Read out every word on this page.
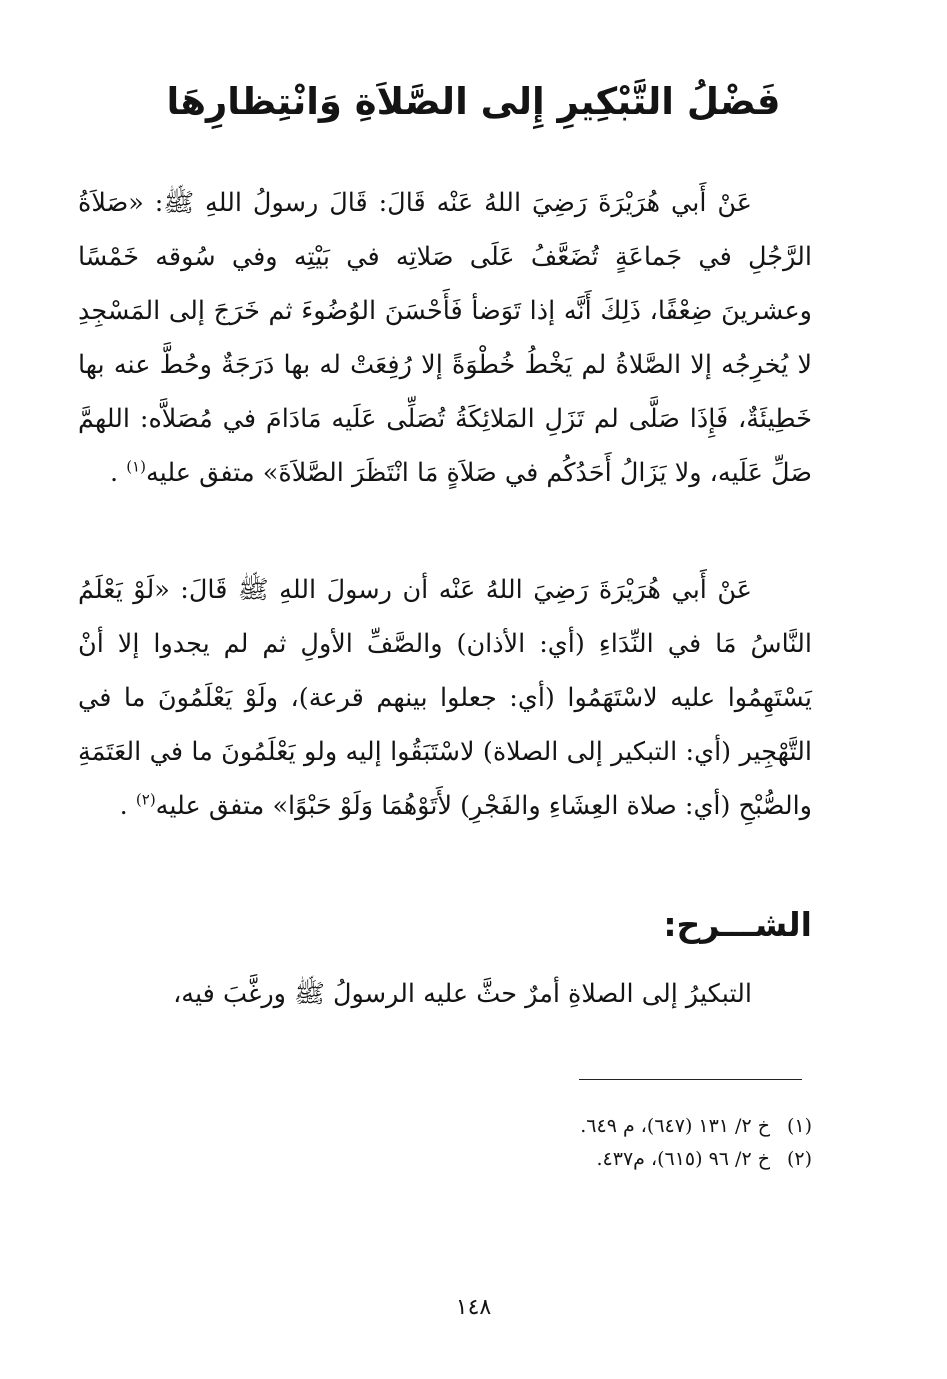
فَضْلُ التَّبْكِيرِ إِلى الصَّلاَةِ وَانْتِظارِهَا

عَنْ أَبي هُرَيْرَةَ رَضِيَ اللهُ عَنْه قَالَ: قَالَ رسولُ اللهِ ﷺ: «صَلاَةُ الرَّجُلِ في جَماعَةٍ تُضَعَّفُ عَلَى صَلاتِه في بَيْتِه وفي سُوقه خَمْسًا وعشرينَ ضِعْفًا، ذَلِكَ أَنَّه إذا تَوَضأ فَأَحْسَنَ الوُضُوءَ ثم خَرَجَ إلى المَسْجِدِ لا يُخرِجُه إلا الصَّلاةُ لم يَخْطُ خُطْوَةً إلا رُفِعَتْ له بها دَرَجَةٌ وحُطَّ عنه بها خَطِيئَةٌ، فَإِذَا صَلَّى لم تَزَلِ المَلائِكَةُ تُصَلِّى عَلَيه مَادَامَ في مُصَلاَّه: اللهمَّ صَلِّ عَلَيه، ولا يَزَالُ أَحَدُكُم في صَلاَةٍ مَا انْتَظَرَ الصَّلاَةَ» متفق عليه$^{(١)}$ .

عَنْ أَبي هُرَيْرَةَ رَضِيَ اللهُ عَنْه أن رسولَ اللهِ ﷺ قَالَ: «لَوْ يَعْلَمُ النَّاسُ مَا في النِّدَاءِ (أي: الأذان) والصَّفِّ الأولِ ثم لم يجدوا إلا أنْ يَسْتَهِمُوا عليه لاسْتَهَمُوا (أي: جعلوا بينهم قرعة)، ولَوْ يَعْلَمُونَ ما في التَّهْجِير (أي: التبكير إلى الصلاة) لاسْتَبَقُوا إليه ولو يَعْلَمُونَ ما في العَتَمَةِ والصُّبْحِ (أي: صلاة العِشَاءِ والفَجْرِ) لأَتَوْهُمَا وَلَوْ حَبْوًا» متفق عليه$^{(٢)}$ .

الشـــرح:

التبكيرُ إلى الصلاةِ أمرٌ حثَّ عليه الرسولُ ﷺ ورغَّبَ فيه،

(١)خ ٢/ ١٣١ (٦٤٧)، م ٦٤٩.
(٢)خ ٢/ ٩٦ (٦١٥)، م٤٣٧.
١٤٨
